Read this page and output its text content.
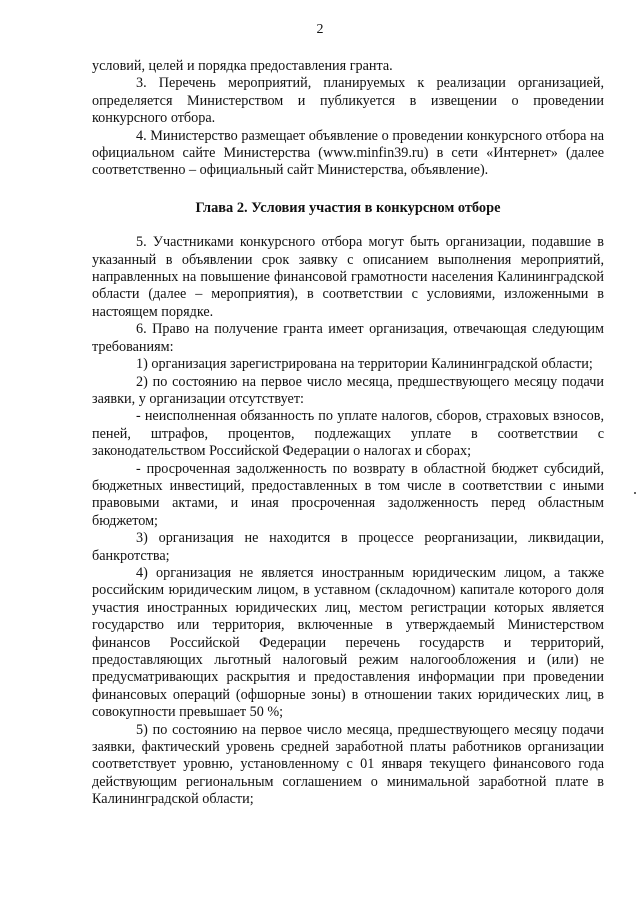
2

условий, целей и порядка предоставления гранта.

3. Перечень мероприятий, планируемых к реализации организацией, определяется Министерством и публикуется в извещении о проведении конкурсного отбора.

4. Министерство размещает объявление о проведении конкурсного отбора на официальном сайте Министерства (www.minfin39.ru) в сети «Интернет» (далее соответственно – официальный сайт Министерства, объявление).

Глава 2. Условия участия в конкурсном отборе

5. Участниками конкурсного отбора могут быть организации, подавшие в указанный в объявлении срок заявку с описанием выполнения мероприятий, направленных на повышение финансовой грамотности населения Калининградской области (далее – мероприятия), в соответствии с условиями, изложенными в настоящем порядке.

6. Право на получение гранта имеет организация, отвечающая следующим требованиям:

1) организация зарегистрирована на территории Калининградской области;

2) по состоянию на первое число месяца, предшествующего месяцу подачи заявки, у организации отсутствует:

- неисполненная обязанность по уплате налогов, сборов, страховых взносов, пеней, штрафов, процентов, подлежащих уплате в соответствии с законодательством Российской Федерации о налогах и сборах;

- просроченная задолженность по возврату в областной бюджет субсидий, бюджетных инвестиций, предоставленных в том числе в соответствии с иными правовыми актами, и иная просроченная задолженность перед областным бюджетом;

3) организация не находится в процессе реорганизации, ликвидации, банкротства;

4) организация не является иностранным юридическим лицом, а также российским юридическим лицом, в уставном (складочном) капитале которого доля участия иностранных юридических лиц, местом регистрации которых является государство или территория, включенные в утверждаемый Министерством финансов Российской Федерации перечень государств и территорий, предоставляющих льготный налоговый режим налогообложения и (или) не предусматривающих раскрытия и предоставления информации при проведении финансовых операций (офшорные зоны) в отношении таких юридических лиц, в совокупности превышает 50 %;

5) по состоянию на первое число месяца, предшествующего месяцу подачи заявки, фактический уровень средней заработной платы работников организации соответствует уровню, установленному с 01 января текущего финансового года действующим региональным соглашением о минимальной заработной плате в Калининградской области;
